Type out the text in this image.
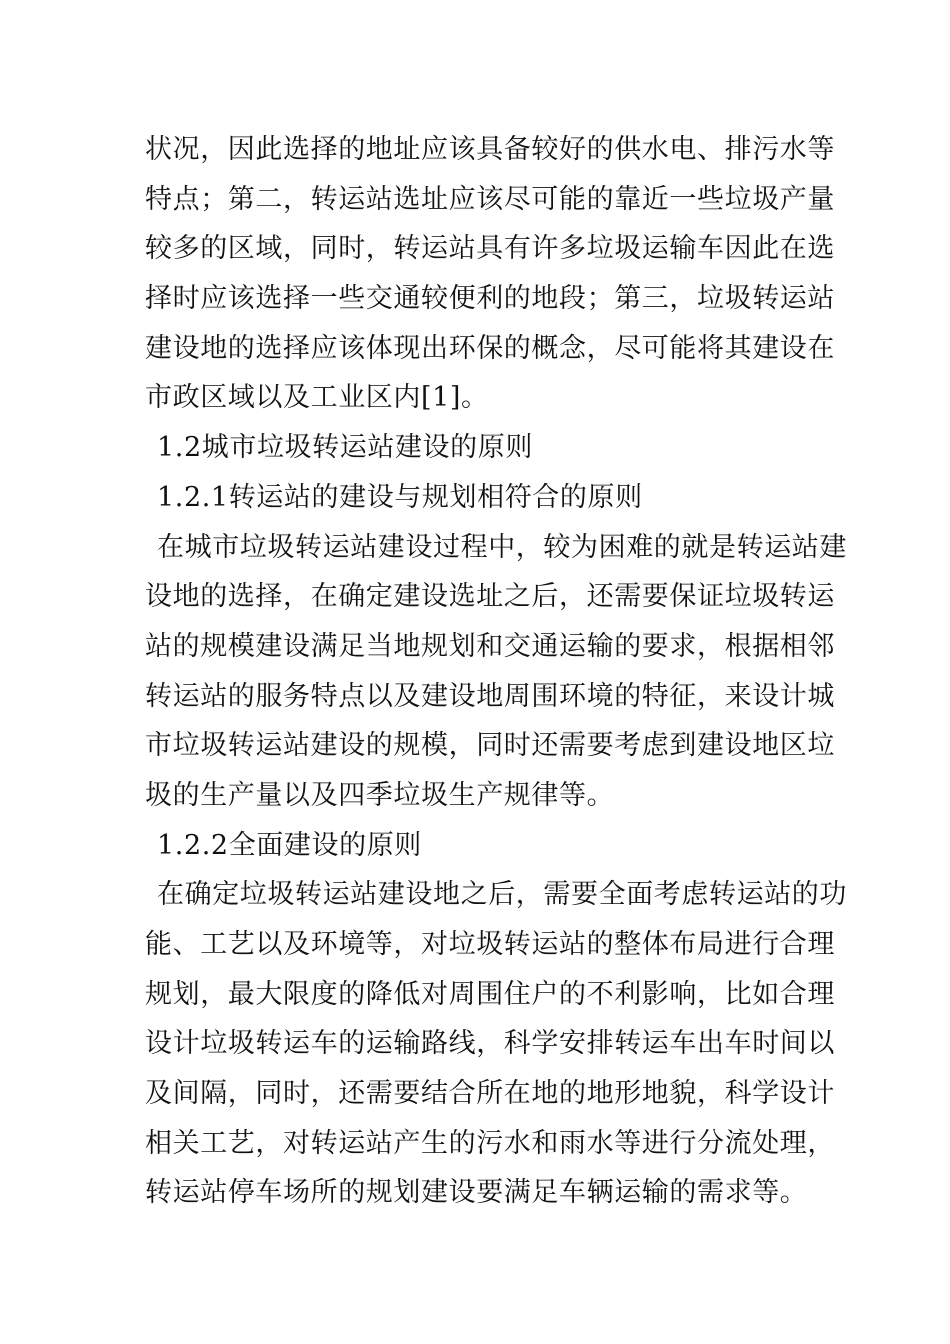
状况，因此选择的地址应该具备较好的供水电、排污水等
特点；第二，转运站选址应该尽可能的靠近一些垃圾产量
较多的区域，同时，转运站具有许多垃圾运输车因此在选
择时应该选择一些交通较便利的地段；第三，垃圾转运站
建设地的选择应该体现出环保的概念，尽可能将其建设在
市政区域以及工业区内[1]。
1.2城市垃圾转运站建设的原则
1.2.1转运站的建设与规划相符合的原则
在城市垃圾转运站建设过程中，较为困难的就是转运站建
设地的选择，在确定建设选址之后，还需要保证垃圾转运
站的规模建设满足当地规划和交通运输的要求，根据相邻
转运站的服务特点以及建设地周围环境的特征，来设计城
市垃圾转运站建设的规模，同时还需要考虑到建设地区垃
圾的生产量以及四季垃圾生产规律等。
1.2.2全面建设的原则
在确定垃圾转运站建设地之后，需要全面考虑转运站的功
能、工艺以及环境等，对垃圾转运站的整体布局进行合理
规划，最大限度的降低对周围住户的不利影响，比如合理
设计垃圾转运车的运输路线，科学安排转运车出车时间以
及间隔，同时，还需要结合所在地的地形地貌，科学设计
相关工艺，对转运站产生的污水和雨水等进行分流处理，
转运站停车场所的规划建设要满足车辆运输的需求等。
